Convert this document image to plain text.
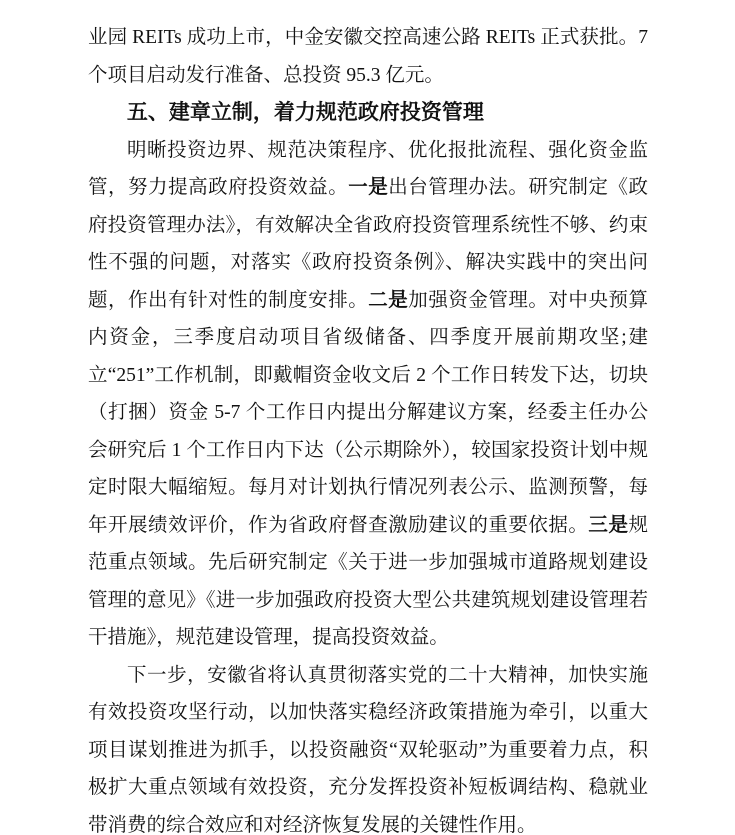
业园 REITs 成功上市，中金安徽交控高速公路 REITs 正式获批。7 个项目启动发行准备、总投资 95.3 亿元。

五、建章立制，着力规范政府投资管理

明晰投资边界、规范决策程序、优化报批流程、强化资金监管，努力提高政府投资效益。一是出台管理办法。研究制定《政府投资管理办法》，有效解决全省政府投资管理系统性不够、约束性不强的问题，对落实《政府投资条例》、解决实践中的突出问题，作出有针对性的制度安排。二是加强资金管理。对中央预算内资金，三季度启动项目省级储备、四季度开展前期攻坚;建立“251”工作机制，即戴帽资金收文后 2 个工作日转发下达，切块（打捆）资金 5-7 个工作日内提出分解建议方案，经委主任办公会研究后 1 个工作日内下达（公示期除外），较国家投资计划中规定时限大幅缩短。每月对计划执行情况列表公示、监测预警，每年开展绩效评价，作为省政府督查激励建议的重要依据。三是规范重点领域。先后研究制定《关于进一步加强城市道路规划建设管理的意见》《进一步加强政府投资大型公共建筑规划建设管理若干措施》，规范建设管理，提高投资效益。

下一步，安徽省将认真贯彻落实党的二十大精神，加快实施有效投资攻坚行动，以加快落实稳经济政策措施为牵引，以重大项目谋划推进为抓手，以投资融资“双轮驱动”为重要着力点，积极扩大重点领域有效投资，充分发挥投资补短板调结构、稳就业带消费的综合效应和对经济恢复发展的关键性作用。
